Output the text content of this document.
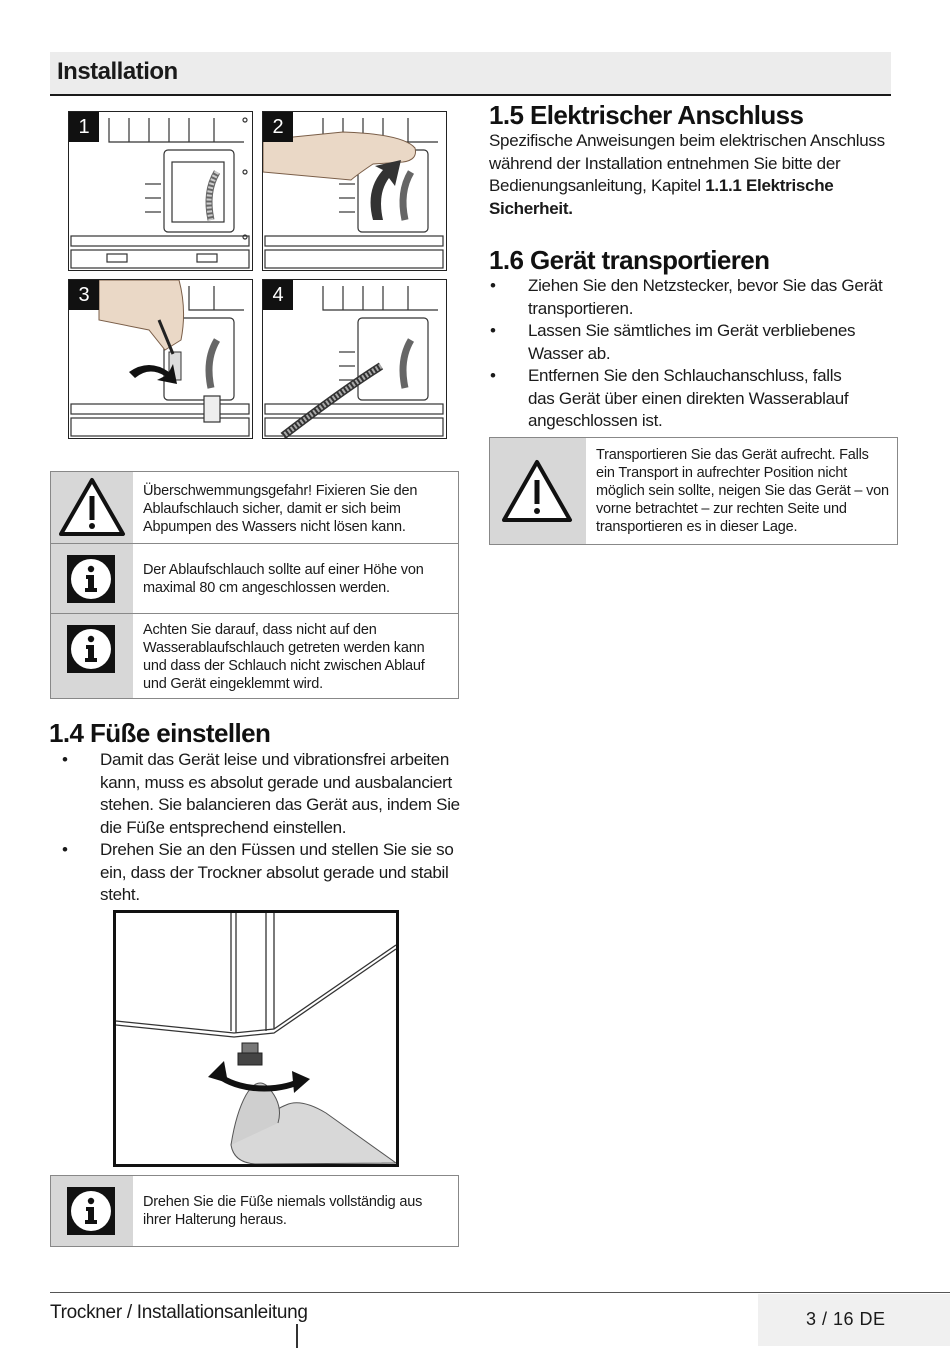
Installation
1	2
3	4
Überschwemmungsgefahr! Fixieren Sie den Ablaufschlauch sicher, damit er sich beim Abpumpen des Wassers nicht lösen kann.
Der Ablaufschlauch sollte auf einer Höhe von maximal 80 cm angeschlossen werden.
Achten Sie darauf, dass nicht auf den Wasserablaufschlauch getreten werden kann und dass der Schlauch nicht zwischen Ablauf und Gerät eingeklemmt wird.
1.4 Füße einstellen
• Damit das Gerät leise und vibrationsfrei arbeiten kann, muss es absolut gerade und ausbalanciert stehen. Sie balancieren das Gerät aus, indem Sie die Füße entsprechend einstellen.
• Drehen Sie an den Füssen und stellen Sie sie so ein, dass der Trockner absolut gerade und stabil steht.
Drehen Sie die Füße niemals vollständig aus ihrer Halterung heraus.
1.5 Elektrischer Anschluss
Spezifische Anweisungen beim elektrischen Anschluss während der Installation entnehmen Sie bitte der Bedienungsanleitung, Kapitel 1.1.1 Elektrische Sicherheit.
1.6 Gerät transportieren
• Ziehen Sie den Netzstecker, bevor Sie das Gerät transportieren.
• Lassen Sie sämtliches im Gerät verbliebenes Wasser ab.
• Entfernen Sie den Schlauchanschluss, falls das Gerät über einen direkten Wasserablauf angeschlossen ist.
Transportieren Sie das Gerät aufrecht. Falls ein Transport in aufrechter Position nicht möglich sein sollte, neigen Sie das Gerät – von vorne betrachtet – zur rechten Seite und transportieren es in dieser Lage.
Trockner / Installationsanleitung	3 / 16 DE
